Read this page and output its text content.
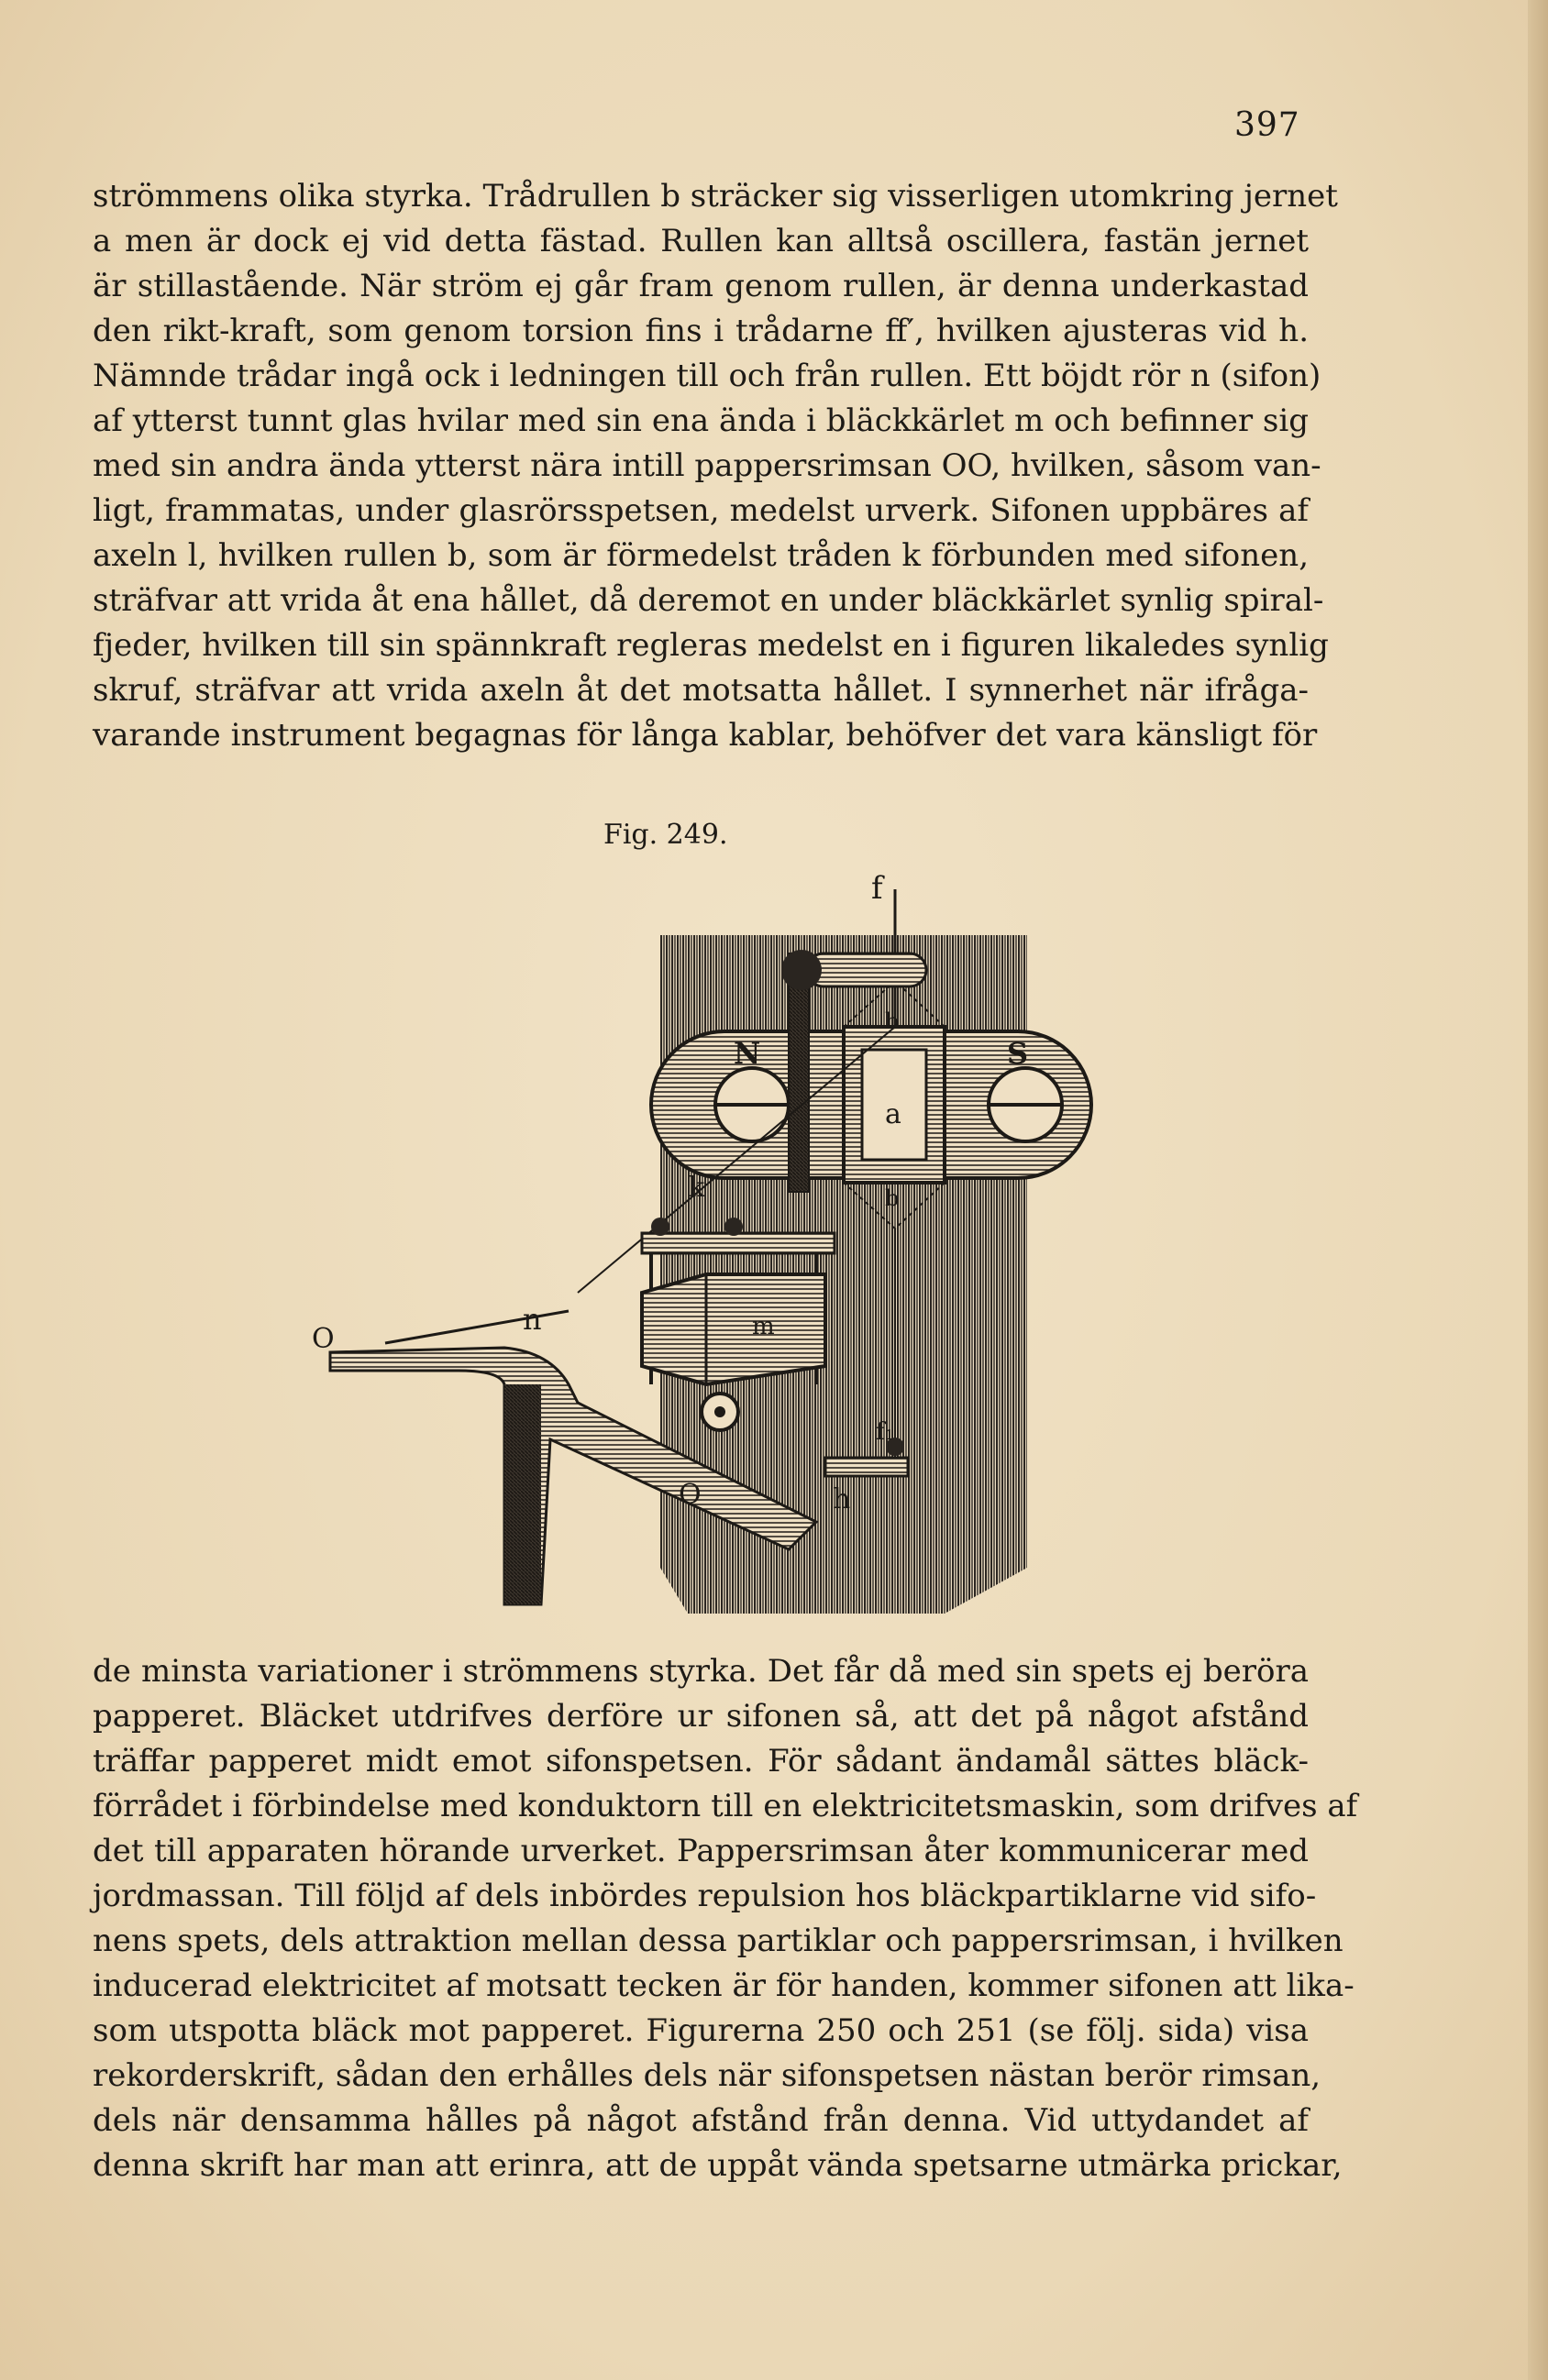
397
strömmens olika styrka. Trådrullen b sträcker sig visserligen utomkring jernet
a men är dock ej vid detta fästad. Rullen kan alltså oscillera, fastän jernet
är stillastående. När ström ej går fram genom rullen, är denna underkastad
den rikt-kraft, som genom torsion fins i trådarne ff′, hvilken ajusteras vid h.
Nämnde trådar ingå ock i ledningen till och från rullen. Ett böjdt rör n (sifon)
af ytterst tunnt glas hvilar med sin ena ända i bläckkärlet m och befinner sig
med sin andra ända ytterst nära intill pappersrimsan OO, hvilken, såsom van-
ligt, frammatas, under glasrörsspetsen, medelst urverk. Sifonen uppbäres af
axeln l, hvilken rullen b, som är förmedelst tråden k förbunden med sifonen,
sträfvar att vrida åt ena hållet, då deremot en under bläckkärlet synlig spiral-
fjeder, hvilken till sin spännkraft regleras medelst en i figuren likaledes synlig
skruf, sträfvar att vrida axeln åt det motsatta hållet. I synnerhet när ifråga-
varande instrument begagnas för långa kablar, behöfver det vara känsligt för
Fig. 249.
f
N	S
b
a
b
k
m
n
O
O
f₁
h
de minsta variationer i strömmens styrka. Det får då med sin spets ej beröra
papperet. Bläcket utdrifves derföre ur sifonen så, att det på något afstånd
träffar papperet midt emot sifonspetsen. För sådant ändamål sättes bläck-
förrådet i förbindelse med konduktorn till en elektricitetsmaskin, som drifves af
det till apparaten hörande urverket. Pappersrimsan åter kommunicerar med
jordmassan. Till följd af dels inbördes repulsion hos bläckpartiklarne vid sifo-
nens spets, dels attraktion mellan dessa partiklar och pappersrimsan, i hvilken
inducerad elektricitet af motsatt tecken är för handen, kommer sifonen att lika-
som utspotta bläck mot papperet. Figurerna 250 och 251 (se följ. sida) visa
rekorderskrift, sådan den erhålles dels när sifonspetsen nästan berör rimsan,
dels när densamma hålles på något afstånd från denna. Vid uttydandet af
denna skrift har man att erinra, att de uppåt vända spetsarne utmärka prickar,
